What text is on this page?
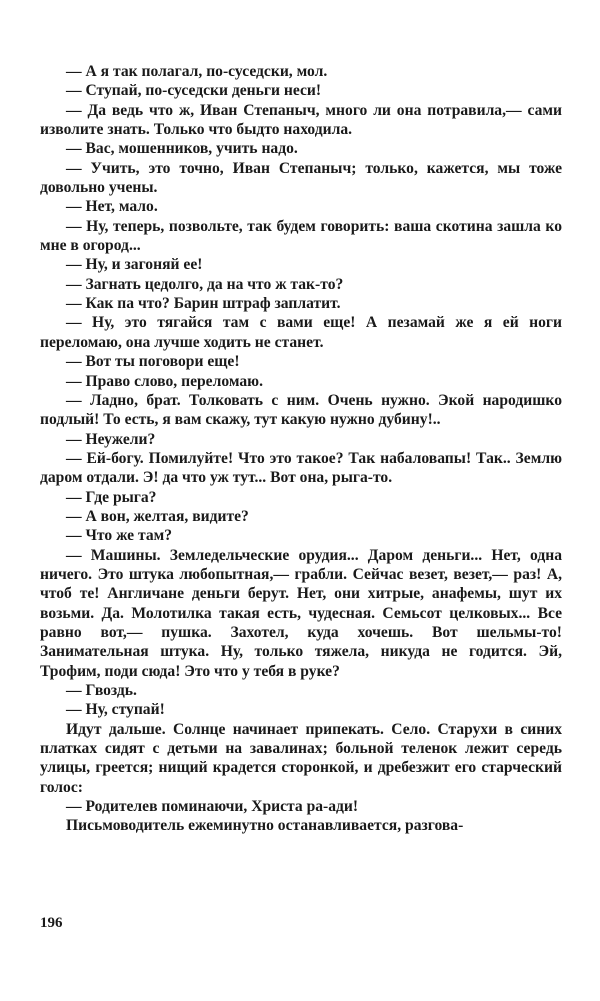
— А я так полагал, по-суседски, мол.

— Ступай, по-суседски деньги неси!

— Да ведь что ж, Иван Степаныч, много ли она потравила,— сами изволите знать. Только что быдто находила.

— Вас, мошенников, учить надо.

— Учить, это точно, Иван Степаныч; только, кажется, мы тоже довольно учены.

— Нет, мало.

— Ну, теперь, позвольте, так будем говорить: ваша скотина зашла ко мне в огород...

— Ну, и загоняй ее!

— Загнать цедолго, да на что ж так-то?

— Как па что? Барин штраф заплатит.

— Ну, это тягайся там с вами еще! А пезамай же я ей ноги переломаю, она лучше ходить не станет.

— Вот ты поговори еще!

— Право слово, переломаю.

— Ладно, брат. Толковать с ним. Очень нужно. Экой народишко подлый! То есть, я вам скажу, тут какую нужно дубину!..

— Неужели?

— Ей-богу. Помилуйте! Что это такое? Так набаловапы! Так.. Землю даром отдали. Э! да что уж тут... Вот она, рыга-то.

— Где рыга?

— А вон, желтая, видите?

— Что же там?

— Машины. Земледельческие орудия... Даром деньги... Нет, одна ничего. Это штука любопытная,— грабли. Сейчас везет, везет,— раз! А, чтоб те! Англичане деньги берут. Нет, они хитрые, анафемы, шут их возьми. Да. Молотилка такая есть, чудесная. Семьсот целковых... Все равно вот,— пушка. Захотел, куда хочешь. Вот шельмы-то! Занимательная штука. Ну, только тяжела, никуда не годится. Эй, Трофим, поди сюда! Это что у тебя в руке?

— Гвоздь.

— Ну, ступай!

Идут дальше. Солнце начинает припекать. Село. Старухи в синих платках сидят с детьми на завалинах; больной теленок лежит середь улицы, греется; нищий крадется сторонкой, и дребезжит его старческий голос:

— Родителев поминаючи, Христа ра-ади!

Письмоводитель ежеминутно останавливается, разгова-

196
